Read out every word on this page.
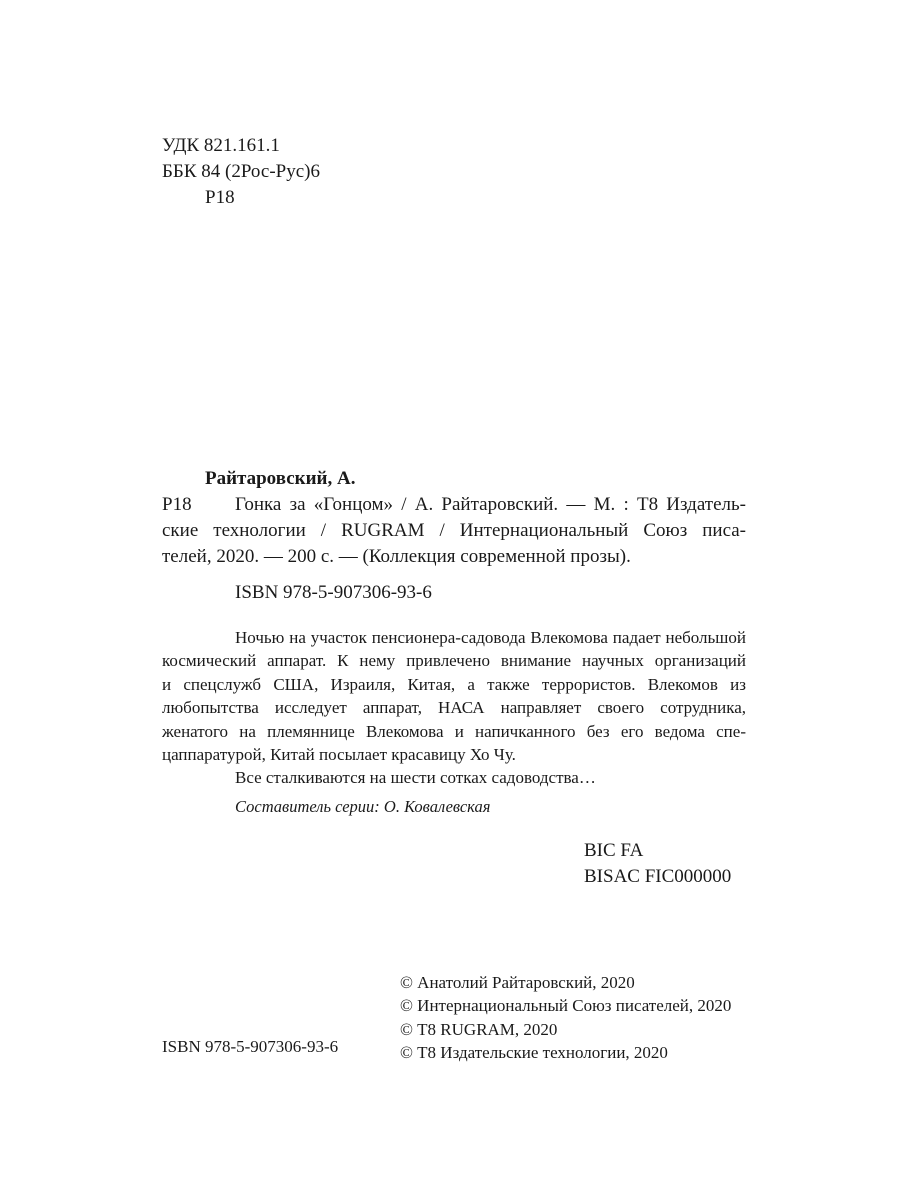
УДК 821.161.1
ББК 84 (2Рос-Рус)6
Р18
Райтаровский, А.
Р18 Гонка за «Гонцом» / А. Райтаровский. — М. : Т8 Издатель-
ские технологии / RUGRAM / Интернациональный Союз писа-
телей, 2020. — 200 с. — (Коллекция современной прозы).
ISBN 978-5-907306-93-6
Ночью на участок пенсионера-садовода Влекомова падает небольшой
космический аппарат. К нему привлечено внимание научных организаций
и спецслужб США, Израиля, Китая, а также террористов. Влекомов из
любопытства исследует аппарат, НАСА направляет своего сотрудника,
женатого на племяннице Влекомова и напичканного без его ведома спе-
цаппаратурой, Китай посылает красавицу Хо Чу.
Все сталкиваются на шести сотках садоводства…
Составитель серии: О. Ковалевская
BIC FA
BISAC FIC000000
© Анатолий Райтаровский, 2020
© Интернациональный Союз писателей, 2020
© Т8 RUGRAM, 2020
© Т8 Издательские технологии, 2020
ISBN 978-5-907306-93-6
